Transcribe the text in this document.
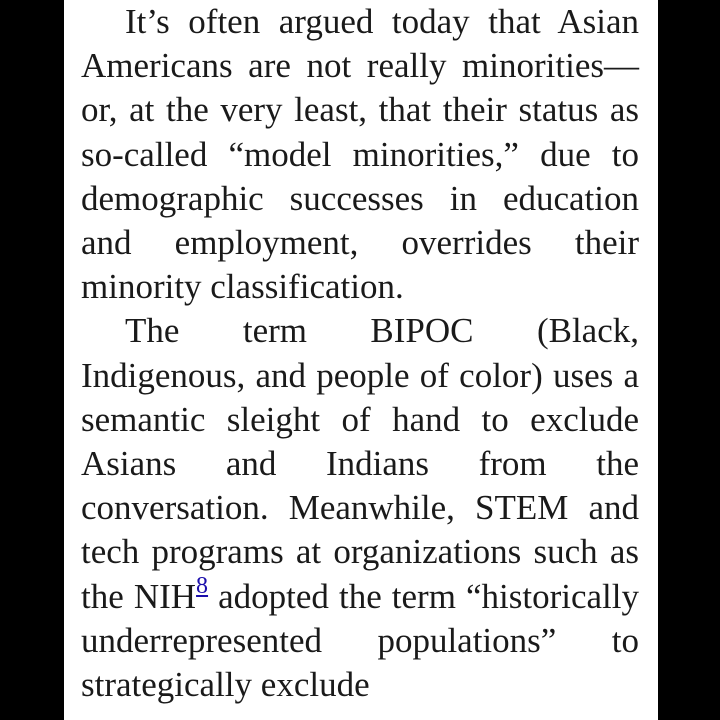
It’s often argued today that Asian Americans are not really minorities—or, at the very least, that their status as so-called “model minorities,” due to demographic successes in education and employment, overrides their minority classification.

The term BIPOC (Black, Indigenous, and people of color) uses a semantic sleight of hand to exclude Asians and Indians from the conversation. Meanwhile, STEM and tech programs at organizations such as the NIH$^8$ adopted the term “historically underrepresented populations” to strategically exclude
